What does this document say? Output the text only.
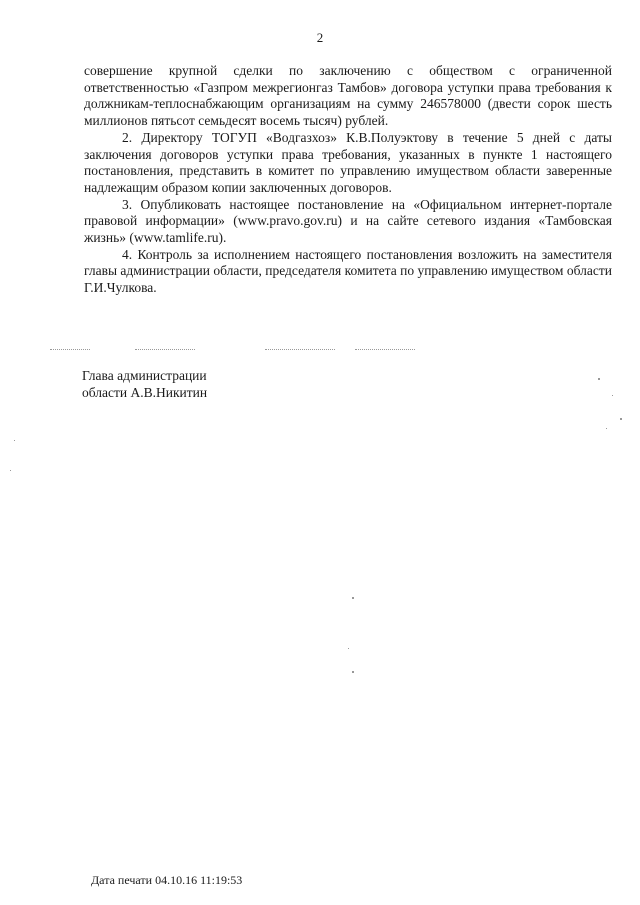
2

совершение крупной сделки по заключению с обществом с ограниченной ответственностью «Газпром межрегионгаз Тамбов» договора уступки права требования к должникам-теплоснабжающим организациям на сумму 246578000 (двести сорок шесть миллионов пятьсот семьдесят восемь тысяч) рублей.

2. Директору ТОГУП «Водгазхоз» К.В.Полуэктову в течение 5 дней с даты заключения договоров уступки права требования, указанных в пункте 1 настоящего постановления, представить в комитет по управлению имуществом области заверенные надлежащим образом копии заключенных договоров.

3. Опубликовать настоящее постановление на «Официальном интернет-портале правовой информации» (www.pravo.gov.ru) и на сайте сетевого издания «Тамбовская жизнь» (www.tamlife.ru).

4. Контроль за исполнением настоящего постановления возложить на заместителя главы администрации области, председателя комитета по управлению имуществом области Г.И.Чулкова.

Глава администрации
области А.В.Никитин
Дата печати 04.10.16 11:19:53
